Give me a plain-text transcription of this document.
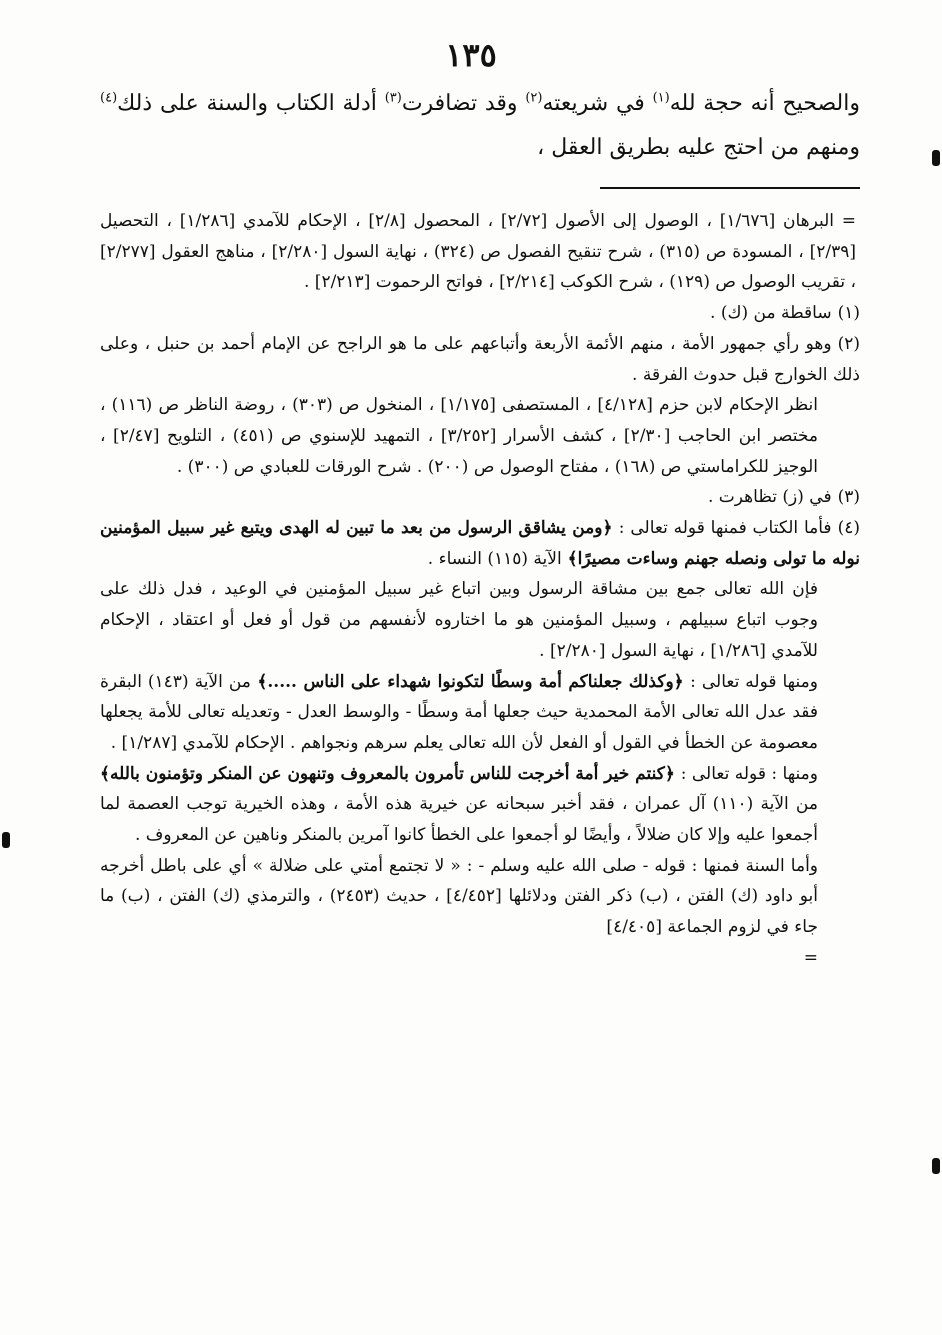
١٣٥
والصحيح أنه حجة لله$^{(١)}$ في شريعته$^{(٢)}$ وقد تضافرت$^{(٣)}$ أدلة الكتاب والسنة على ذلك$^{(٤)}$ ومنهم من احتج عليه بطريق العقل ،

= البرهان [١/٦٧٦] ، الوصول إلى الأصول [٢/٧٢] ، المحصول [٢/٨] ، الإحكام للآمدي [١/٢٨٦] ، التحصيل [٢/٣٩] ، المسودة ص (٣١٥) ، شرح تنقيح الفصول ص (٣٢٤) ، نهاية السول [٢/٢٨٠] ، مناهج العقول [٢/٢٧٧] ، تقريب الوصول ص (١٢٩) ، شرح الكوكب [٢/٢١٤] ، فواتح الرحموت [٢/٢١٣] .

(١)ساقطة من (ك) .

(٢)وهو رأي جمهور الأمة ، منهم الأئمة الأربعة وأتباعهم على ما هو الراجح عن الإمام أحمد بن حنبل ، وعلى ذلك الخوارج قبل حدوث الفرقة .

انظر الإحكام لابن حزم [٤/١٢٨] ، المستصفى [١/١٧٥] ، المنخول ص (٣٠٣) ، روضة الناظر ص (١١٦) ، مختصر ابن الحاجب [٢/٣٠] ، كشف الأسرار [٣/٢٥٢] ، التمهيد للإسنوي ص (٤٥١) ، التلويح [٢/٤٧] ، الوجيز للكراماستي ص (١٦٨) ، مفتاح الوصول ص (٢٠٠) . شرح الورقات للعبادي ص (٣٠٠) .

(٣)في (ز) تظاهرت .

(٤)فأما الكتاب فمنها قوله تعالى : ﴿ومن يشاقق الرسول من بعد ما تبين له الهدى ويتبع غير سبيل المؤمنين نوله ما تولى ونصله جهنم وساءت مصيرًا﴾ الآية (١١٥) النساء .

فإن الله تعالى جمع بين مشاقة الرسول وبين اتباع غير سبيل المؤمنين في الوعيد ، فدل ذلك على وجوب اتباع سبيلهم ، وسبيل المؤمنين هو ما اختاروه لأنفسهم من قول أو فعل أو اعتقاد ، الإحكام للآمدي [١/٢٨٦] ، نهاية السول [٢/٢٨٠] .

ومنها قوله تعالى : ﴿وكذلك جعلناكم أمة وسطًا لتكونوا شهداء على الناس .....﴾ من الآية (١٤٣) البقرة فقد عدل الله تعالى الأمة المحمدية حيث جعلها أمة وسطًا - والوسط العدل - وتعديله تعالى للأمة يجعلها معصومة عن الخطأ في القول أو الفعل لأن الله تعالى يعلم سرهم ونجواهم . الإحكام للآمدي [١/٢٨٧] .

ومنها : قوله تعالى : ﴿كنتم خير أمة أخرجت للناس تأمرون بالمعروف وتنهون عن المنكر وتؤمنون بالله﴾ من الآية (١١٠) آل عمران ، فقد أخبر سبحانه عن خيرية هذه الأمة ، وهذه الخيرية توجب العصمة لما أجمعوا عليه وإلا كان ضلالاً ، وأيضًا لو أجمعوا على الخطأ كانوا آمرين بالمنكر وناهين عن المعروف .

وأما السنة فمنها : قوله - صلى الله عليه وسلم - : « لا تجتمع أمتي على ضلالة » أي على باطل أخرجه أبو داود (ك) الفتن ، (ب) ذكر الفتن ودلائلها [٤/٤٥٢] ، حديث (٢٤٥٣) ، والترمذي (ك) الفتن ، (ب) ما جاء في لزوم الجماعة [٤/٤٠٥]

=
